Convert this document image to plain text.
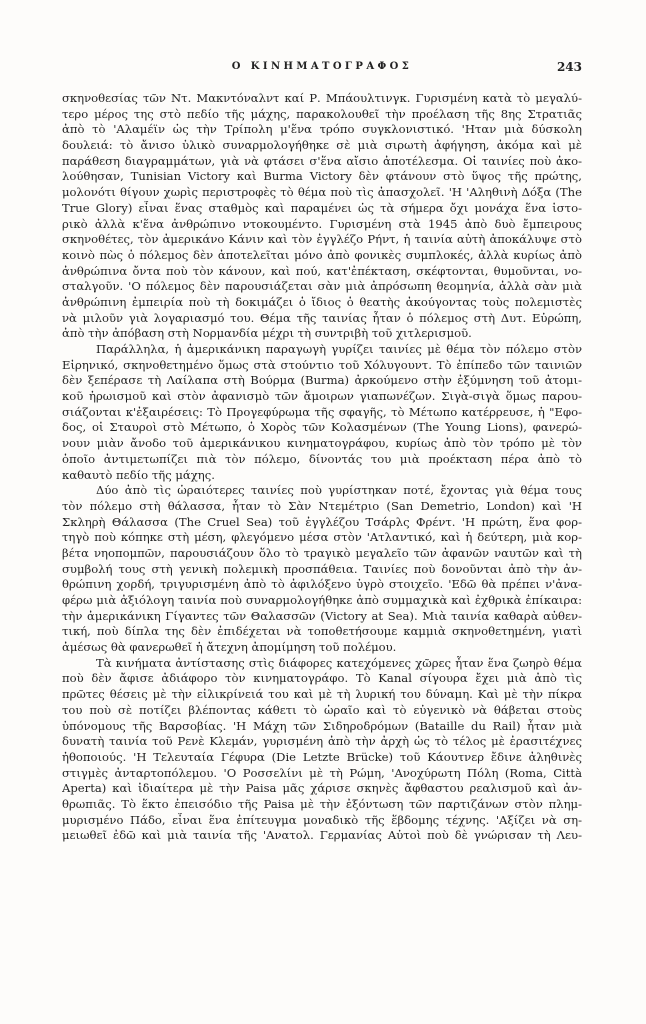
Ο ΚΙΝΗΜΑΤΟΓΡΑΦΟΣ	243
σκηνοθεσίας τῶν Ντ. Μακντόναλντ καί Ρ. Μπάουλτινγκ. Γυρισμένη κατὰ τὸ μεγαλύ-
τερο μέρος της στὸ πεδίο τῆς μάχης, παρακολουθεῖ τὴν προέλαση τῆς 8ης Στρατιᾶς
ἀπὸ τὸ 'Αλαμέϊν ὡς τὴν Τρίπολη μ'ἕνα τρόπο συγκλονιστικό. 'Ηταν μιὰ δύσκολη
δουλειά: τὸ ἄνισο ὑλικὸ συναρμολογήθηκε σὲ μιὰ σιρωτὴ ἀφήγηση, ἀκόμα καὶ μὲ
παράθεση διαγραμμάτων, γιὰ νὰ φτάσει σ'ἕνα αἴσιο ἀποτέλεσμα. Οἱ ταινίες ποὺ ἀκο-
λούθησαν, Tunisian Victory καὶ Burma Victory δὲν φτάνουν στὸ ὕψος τῆς πρώτης,
μολονότι θίγουν χωρὶς περιστροφὲς τὸ θέμα ποὺ τὶς ἀπασχολεῖ. 'Η 'Αληθινὴ Δόξα (The
True Glory) εἶναι ἕνας σταθμὸς καὶ παραμένει ὡς τὰ σήμερα ὄχι μονάχα ἕνα ἱστο-
ρικὸ ἀλλὰ κ'ἕνα ἀνθρώπινο ντοκουμέντο. Γυρισμένη στὰ 1945 ἀπὸ δυὸ ἔμπειρους
σκηνοθέτες, τὸν ἀμερικάνο Κάνιν καὶ τὸν ἐγγλέζο Ρήντ, ἡ ταινία αὐτὴ ἀποκάλυψε στὸ
κοινὸ πὼς ὁ πόλεμος δὲν ἀποτελεῖται μόνο ἀπὸ φονικὲς συμπλοκές, ἀλλὰ κυρίως ἀπὸ
ἀνθρώπινα ὄντα ποὺ τὸν κάνουν, καὶ πού, κατ'ἐπέκταση, σκέφτονται, θυμοῦνται, νο-
σταλγοῦν. 'Ο πόλεμος δὲν παρουσιάζεται σὰν μιὰ ἀπρόσωπη θεομηνία, ἀλλὰ σὰν μιὰ
ἀνθρώπινη ἐμπειρία ποὺ τὴ δοκιμάζει ὁ ἴδιος ὁ θεατὴς ἀκούγοντας τοὺς πολεμιστὲς
νὰ μιλοῦν γιὰ λογαριασμό του. Θέμα τῆς ταινίας ἦταν ὁ πόλεμος στὴ Δυτ. Εὐρώπη,
ἀπὸ τὴν ἀπόβαση στὴ Νορμανδία μέχρι τὴ συντριβὴ τοῦ χιτλερισμοῦ.
Παράλληλα, ἡ ἀμερικάνικη παραγωγὴ γυρίζει ταινίες μὲ θέμα τὸν πόλεμο στὸν
Εἰρηνικό, σκηνοθετημένο ὅμως στὰ στούντιο τοῦ Χόλυγουντ. Τὸ ἐπίπεδο τῶν ταινιῶν
δὲν ξεπέρασε τὴ Λαίλαπα στὴ Βούρμα (Burma) ἀρκούμενο στὴν ἐξύμνηση τοῦ ἀτομι-
κοῦ ἡρωισμοῦ καὶ στὸν ἀφανισμὸ τῶν ἄμοιρων γιαπωνέζων. Σιγὰ-σιγὰ ὅμως παρου-
σιάζονται κ'ἐξαιρέσεις: Τὸ Προγεφύρωμα τῆς σφαγῆς, τὸ Μέτωπο κατέρρευσε, ἡ "Εφο-
δος, οἱ Σταυροὶ στὸ Μέτωπο, ὁ Χορὸς τῶν Κολασμένων (The Young Lions), φανερώ-
νουν μιὰν ἄνοδο τοῦ ἀμερικάνικου κινηματογράφου, κυρίως ἀπὸ τὸν τρόπο μὲ τὸν
ὁποῖο ἀντιμετωπίζει πιὰ τὸν πόλεμο, δίνοντάς του μιὰ προέκταση πέρα ἀπὸ τὸ
καθαυτὸ πεδίο τῆς μάχης.
Δύο ἀπὸ τὶς ὡραιότερες ταινίες ποὺ γυρίστηκαν ποτέ, ἔχοντας γιὰ θέμα τους
τὸν πόλεμο στὴ θάλασσα, ἦταν τὸ Σὰν Ντεμέτριο (San Demetrio, London) καὶ 'Η
Σκληρὴ Θάλασσα (The Cruel Sea) τοῦ ἐγγλέζου Τσάρλς Φρέντ. 'Η πρώτη, ἕνα φορ-
τηγὸ ποὺ κόπηκε στὴ μέση, φλεγόμενο μέσα στὸν 'Ατλαντικό, καὶ ἡ δεύτερη, μιὰ κορ-
βέτα νηοπομπῶν, παρουσιάζουν ὅλο τὸ τραγικὸ μεγαλεῖο τῶν ἀφανῶν ναυτῶν καὶ τὴ
συμβολή τους στὴ γενικὴ πολεμικὴ προσπάθεια. Ταινίες ποὺ δονοῦνται ἀπὸ τὴν ἀν-
θρώπινη χορδή, τριγυρισμένη ἀπὸ τὸ ἀφιλόξενο ὑγρὸ στοιχεῖο. 'Εδῶ θὰ πρέπει ν'ἀνα-
φέρω μιὰ ἀξιόλογη ταινία ποὺ συναρμολογήθηκε ἀπὸ συμμαχικὰ καὶ ἐχθρικὰ ἐπίκαιρα:
τὴν ἀμερικάνικη Γίγαντες τῶν Θαλασσῶν (Victory at Sea). Μιὰ ταινία καθαρὰ αὐθεν-
τική, ποὺ δίπλα της δὲν ἐπιδέχεται νὰ τοποθετήσουμε καμμιὰ σκηνοθετημένη, γιατὶ
ἀμέσως θὰ φανερωθεῖ ἡ ἄτεχνη ἀπομίμηση τοῦ πολέμου.
Τὰ κινήματα ἀντίστασης στὶς διάφορες κατεχόμενες χῶρες ἦταν ἕνα ζωηρὸ θέμα
ποὺ δὲν ἄφισε ἀδιάφορο τὸν κινηματογράφο. Τὸ Kanal σίγουρα ἔχει μιὰ ἀπὸ τὶς
πρῶτες θέσεις μὲ τὴν εἰλικρίνειά του καὶ μὲ τὴ λυρική του δύναμη. Καὶ μὲ τὴν πίκρα
του ποὺ σὲ ποτίζει βλέποντας κάθετι τὸ ὡραῖο καὶ τὸ εὐγενικὸ νὰ θάβεται στοὺς
ὑπόνομους τῆς Βαρσοβίας. 'Η Μάχη τῶν Σιδηροδρόμων (Bataille du Rail) ἦταν μιὰ
δυνατὴ ταινία τοῦ Ρενὲ Κλεμάν, γυρισμένη ἀπὸ τὴν ἀρχὴ ὡς τὸ τέλος μὲ ἐρασιτέχνες
ἠθοποιούς. 'Η Τελευταία Γέφυρα (Die Letzte Brücke) τοῦ Κάουτνερ ἔδινε ἀληθινὲς
στιγμὲς ἀνταρτοπόλεμου. 'Ο Ροσσελίνι μὲ τὴ Ρώμη, 'Ανοχύρωτη Πόλη (Roma, Città
Aperta) καὶ ἰδιαίτερα μὲ τὴν Paisa μᾶς χάρισε σκηνὲς ἄφθαστου ρεαλισμοῦ καὶ ἀν-
θρωπιᾶς. Τὸ ἕκτο ἐπεισόδιο τῆς Paisa μὲ τὴν ἐξόντωση τῶν παρτιζάνων στὸν πλημ-
μυρισμένο Πάδο, εἶναι ἕνα ἐπίτευγμα μοναδικὸ τῆς ἕβδομης τέχνης. 'Αξίζει νὰ ση-
μειωθεῖ ἐδῶ καὶ μιὰ ταινία τῆς 'Ανατολ. Γερμανίας Αὐτοὶ ποὺ δὲ γνώρισαν τὴ Λευ-
